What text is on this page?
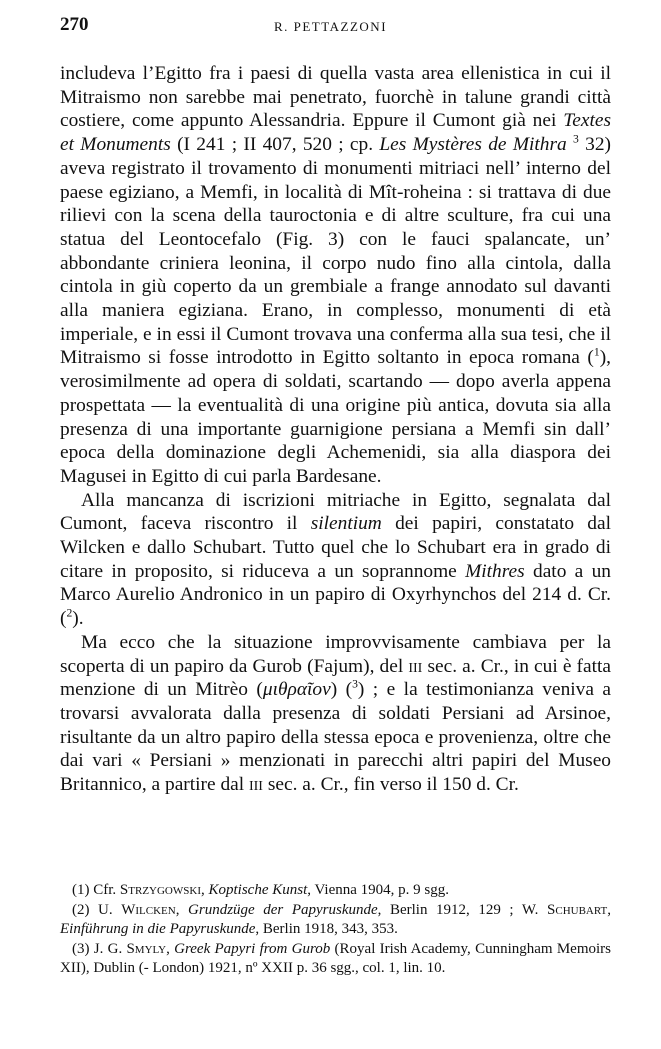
270	R. PETTAZZONI

includeva l’Egitto fra i paesi di quella vasta area ellenistica in cui il Mitraismo non sarebbe mai penetrato, fuorchè in talune grandi città costiere, come appunto Alessandria. Eppure il Cumont già nei Textes et Monuments (I 241 ; II 407, 520 ; cp. Les Mystères de Mithra $^3$ 32) aveva registrato il trovamento di monumenti mitriaci nell’ interno del paese egiziano, a Memfi, in località di Mît-roheina : si trattava di due rilievi con la scena della tauroctonia e di altre sculture, fra cui una statua del Leontocefalo (Fig. 3) con le fauci spalancate, un’ abbondante criniera leonina, il corpo nudo fino alla cintola, dalla cintola in giù coperto da un grembiale a frange annodato sul davanti alla maniera egiziana. Erano, in complesso, monumenti di età imperiale, e in essi il Cumont trovava una conferma alla sua tesi, che il Mitraismo si fosse introdotto in Egitto soltanto in epoca romana ($^1$), verosimilmente ad opera di soldati, scartando — dopo averla appena prospettata — la eventualità di una origine più antica, dovuta sia alla presenza di una importante guarnigione persiana a Memfi sin dall’ epoca della dominazione degli Achemenidi, sia alla diaspora dei Magusei in Egitto di cui parla Bardesane.

Alla mancanza di iscrizioni mitriache in Egitto, segnalata dal Cumont, faceva riscontro il silentium dei papiri, constatato dal Wilcken e dallo Schubart. Tutto quel che lo Schubart era in grado di citare in proposito, si riduceva a un soprannome Mithres dato a un Marco Aurelio Andronico in un papiro di Oxyrhynchos del 214 d. Cr. ($^2$).

Ma ecco che la situazione improvvisamente cambiava per la scoperta di un papiro da Gurob (Fajum), del iii sec. a. Cr., in cui è fatta menzione di un Mitrèo (μιθραῖον) ($^3$) ; e la testimonianza veniva a trovarsi avvalorata dalla presenza di soldati Persiani ad Arsinoe, risultante da un altro papiro della stessa epoca e provenienza, oltre che dai vari « Persiani » menzionati in parecchi altri papiri del Museo Britannico, a partire dal iii sec. a. Cr., fin verso il 150 d. Cr.

(1) Cfr. Strzygowski, Koptische Kunst, Vienna 1904, p. 9 sgg.

(2) U. Wilcken, Grundzüge der Papyruskunde, Berlin 1912, 129 ; W. Schubart, Einführung in die Papyruskunde, Berlin 1918, 343, 353.

(3) J. G. Smyly, Greek Papyri from Gurob (Royal Irish Academy, Cunningham Memoirs XII), Dublin (- London) 1921, nº XXII p. 36 sgg., col. 1, lin. 10.
